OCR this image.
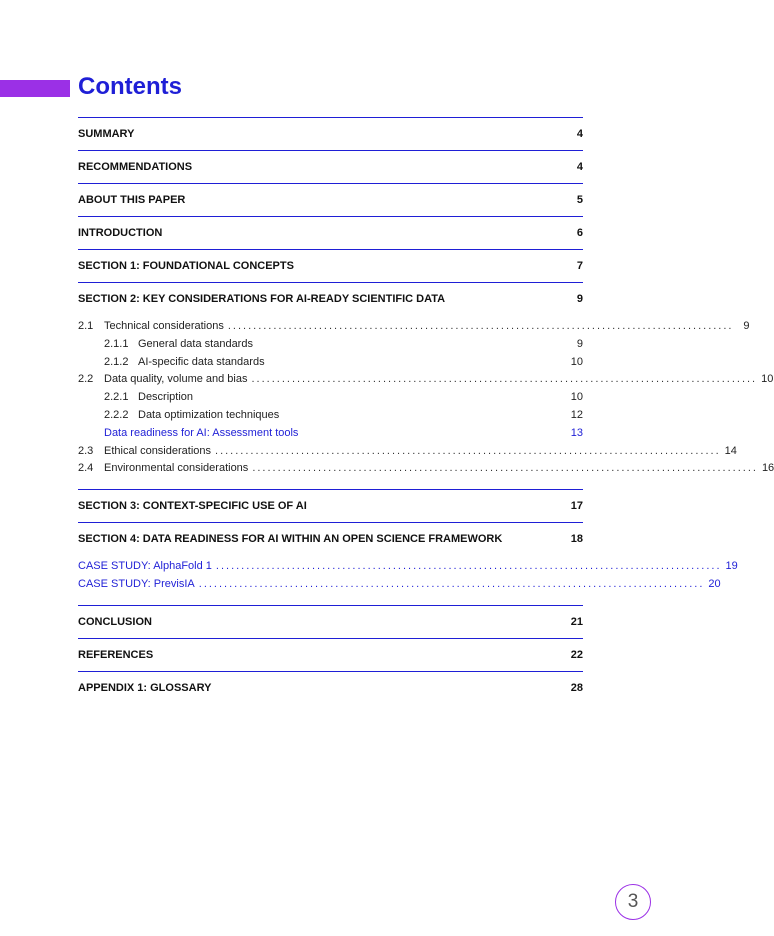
Contents
SUMMARY	4
RECOMMENDATIONS	4
ABOUT THIS PAPER	5
INTRODUCTION	6
SECTION 1: FOUNDATIONAL CONCEPTS	7
SECTION 2: KEY CONSIDERATIONS FOR AI-READY SCIENTIFIC DATA	9
2.1 Technical considerations .................................................................................................... 9
2.1.1 General data standards	9
2.1.2 AI-specific data standards	10
2.2 Data quality, volume and bias .................................................................................................... 10
2.2.1 Description	10
2.2.2 Data optimization techniques	12
Data readiness for AI: Assessment tools	13
2.3 Ethical considerations .................................................................................................... 14
2.4 Environmental considerations .................................................................................................... 16
SECTION 3: CONTEXT-SPECIFIC USE OF AI	17
SECTION 4: DATA READINESS FOR AI WITHIN AN OPEN SCIENCE FRAMEWORK	18
CASE STUDY: AlphaFold 1 .................................................................................................... 19
CASE STUDY: PrevisIA .................................................................................................... 20
CONCLUSION	21
REFERENCES	22
APPENDIX 1: GLOSSARY	28
3
